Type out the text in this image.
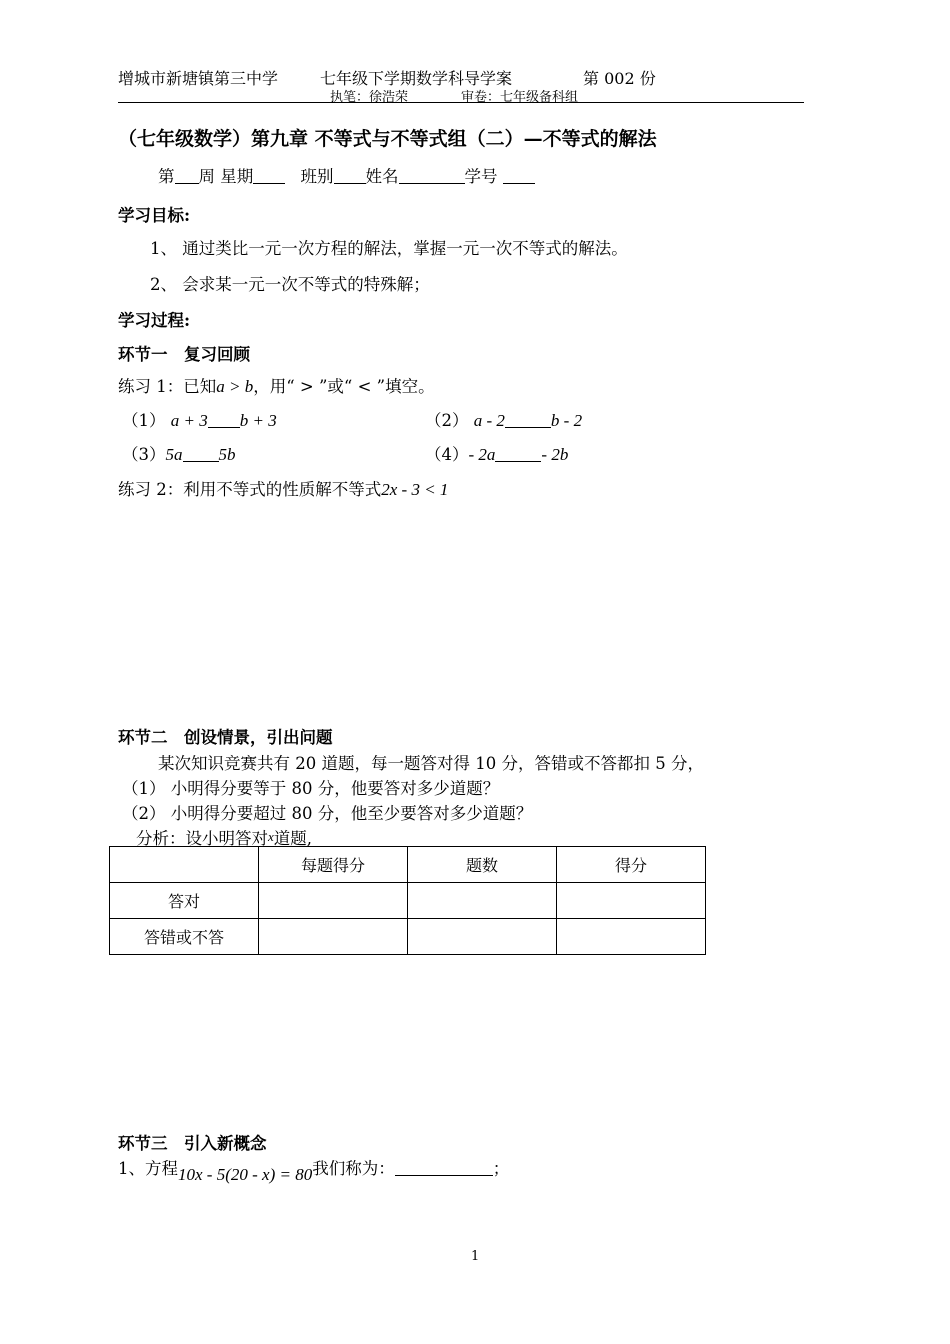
增城市新塘镇第三中学	七年级下学期数学科导学案	第 002 份
执笔：徐浩荣	审卷：七年级备科组
（七年级数学）第九章 不等式与不等式组（二）—不等式的解法
第 周 星期	班别 姓名	学号
学习目标:
1、 通过类比一元一次方程的解法，掌握一元一次不等式的解法。
2、 会求某一元一次不等式的特殊解；
学习过程:
环节一　复习回顾
练习 1：已知a > b，用“ > ”或“ < ”填空。
（1） a + 3 b + 3	（2） a - 2	b - 2
（3）5a 5b	（4）- 2a	- 2b
练习 2：利用不等式的性质解不等式2x - 3 < 1
环节二　创设情景，引出问题
某次知识竞赛共有 20 道题，每一题答对得 10 分，答错或不答都扣 5 分，
（1） 小明得分要等于 80 分，他要答对多少道题？
（2） 小明得分要超过 80 分，他至少要答对多少道题？
分析：设小明答对x道题,
	每题得分	题数	得分
答对			
答错或不答			
环节三　引入新概念
1、方程10x - 5(20 - x) = 80我们称为：	；
1
